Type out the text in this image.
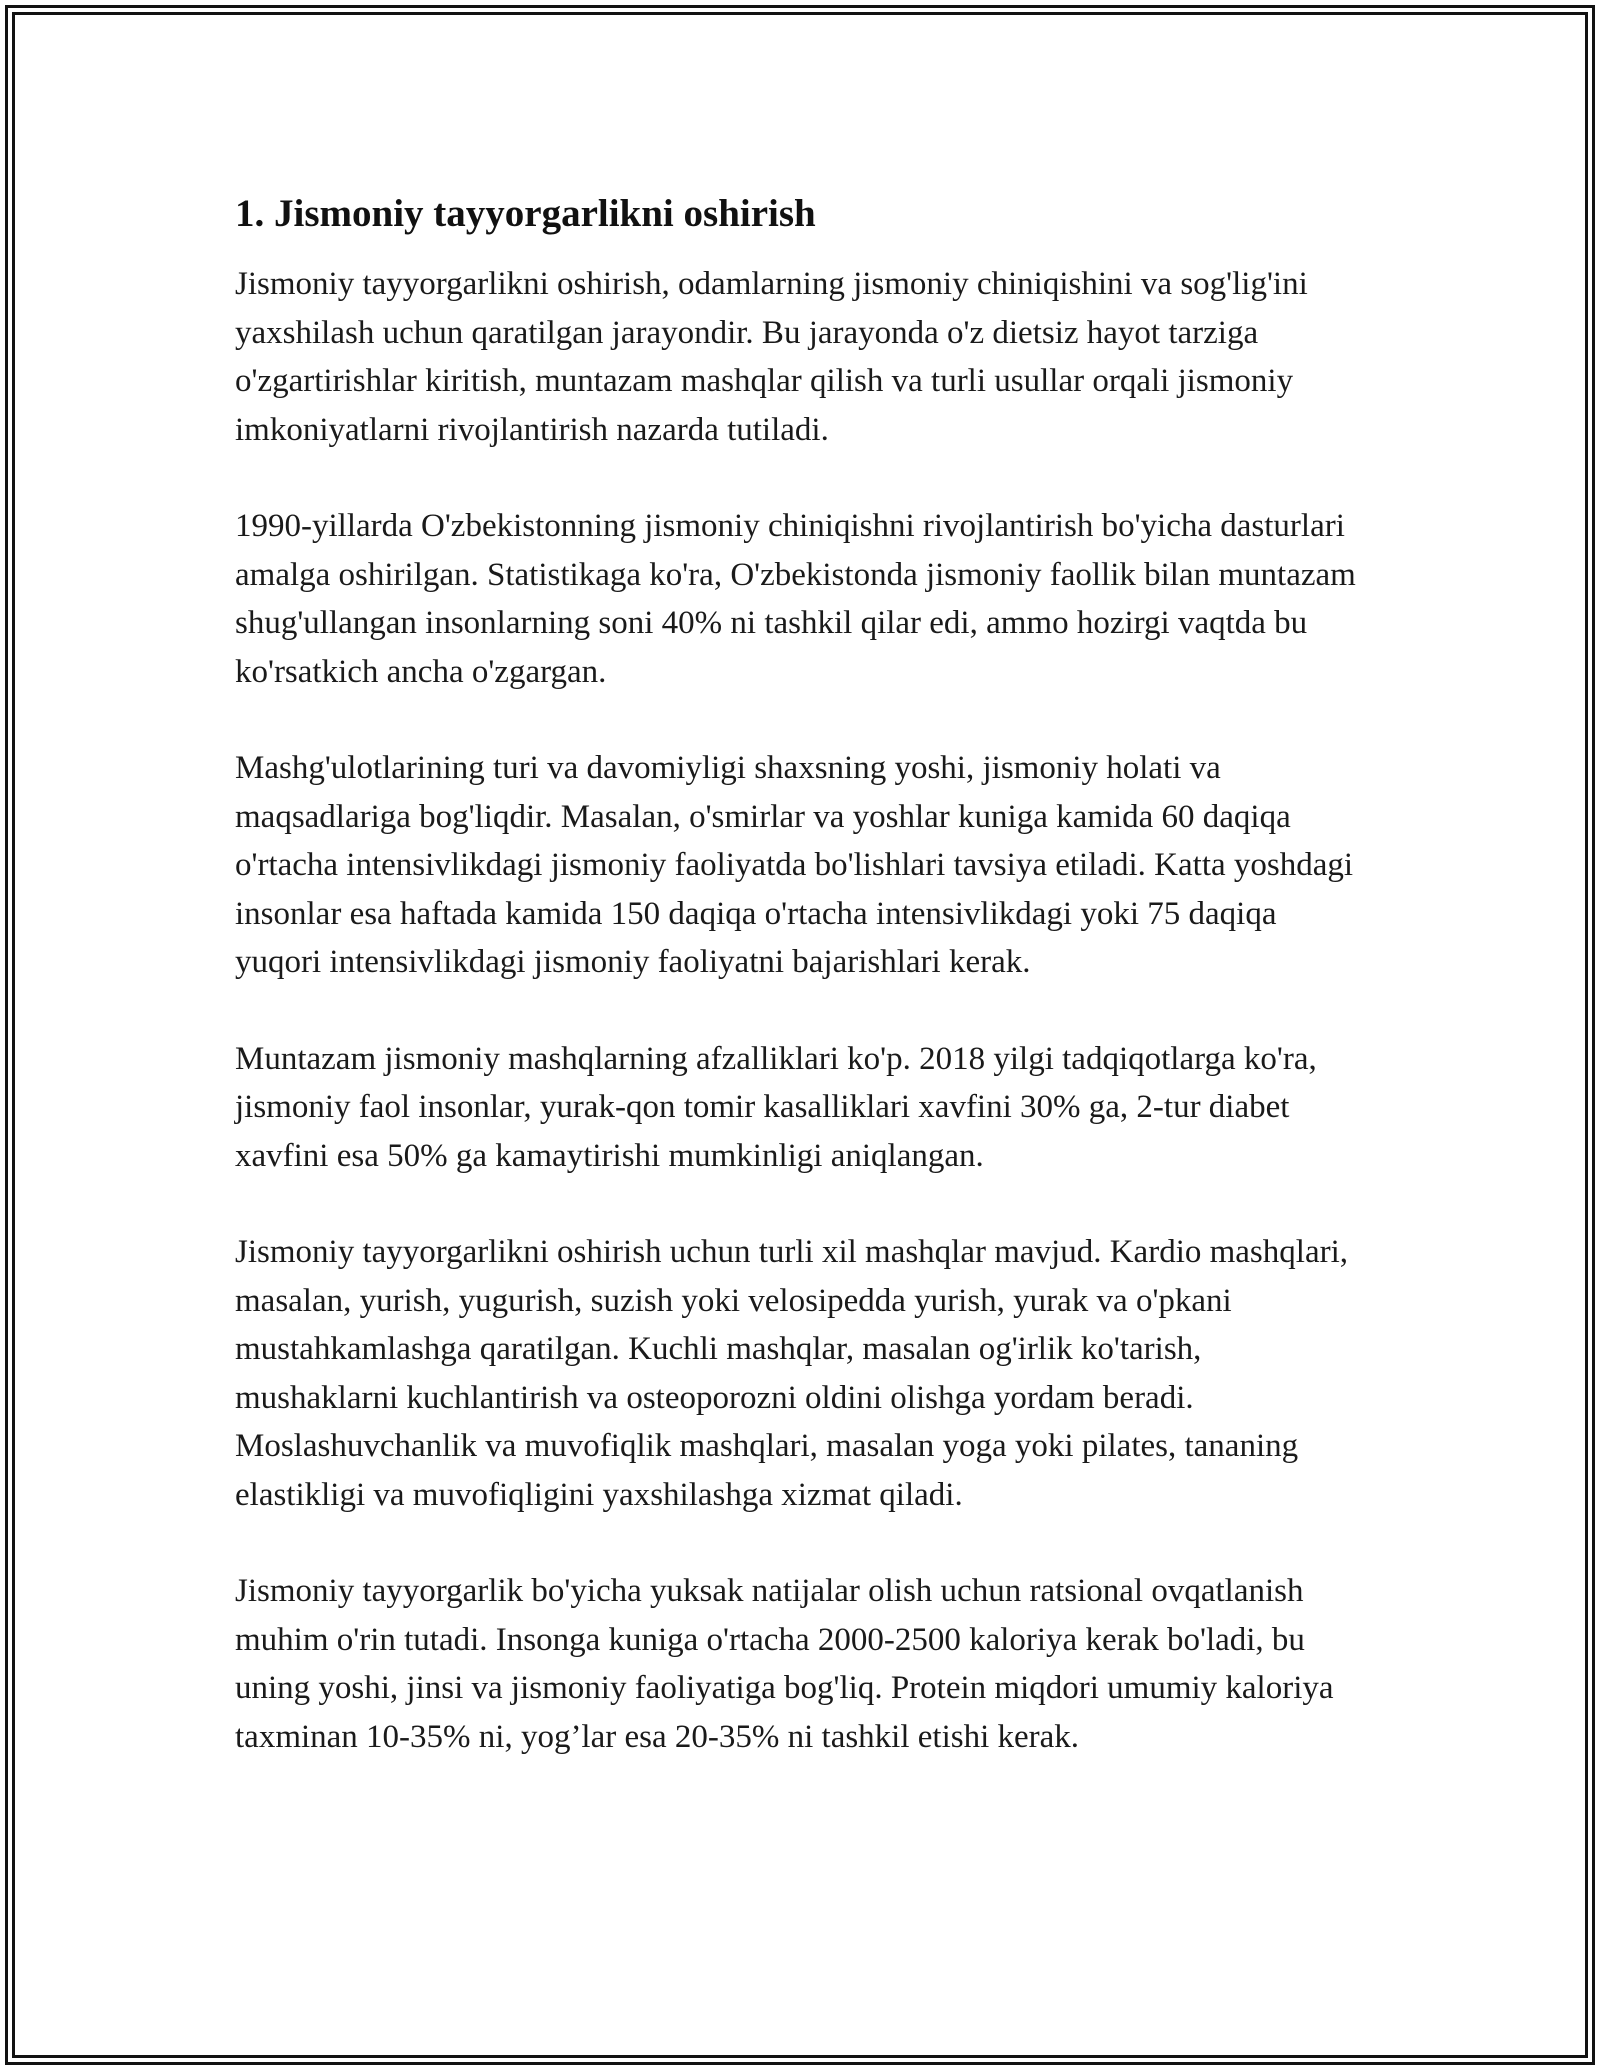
1. Jismoniy tayyorgarlikni oshirish

Jismoniy tayyorgarlikni oshirish, odamlarning jismoniy chiniqishini va sog'lig'ini yaxshilash uchun qaratilgan jarayondir. Bu jarayonda o'z dietsiz hayot tarziga o'zgartirishlar kiritish, muntazam mashqlar qilish va turli usullar orqali jismoniy imkoniyatlarni rivojlantirish nazarda tutiladi.

1990-yillarda O'zbekistonning jismoniy chiniqishni rivojlantirish bo'yicha dasturlari amalga oshirilgan. Statistikaga ko'ra, O'zbekistonda jismoniy faollik bilan muntazam shug'ullangan insonlarning soni 40% ni tashkil qilar edi, ammo hozirgi vaqtda bu ko'rsatkich ancha o'zgargan.

Mashg'ulotlarining turi va davomiyligi shaxsning yoshi, jismoniy holati va maqsadlariga bog'liqdir. Masalan, o'smirlar va yoshlar kuniga kamida 60 daqiqa o'rtacha intensivlikdagi jismoniy faoliyatda bo'lishlari tavsiya etiladi. Katta yoshdagi insonlar esa haftada kamida 150 daqiqa o'rtacha intensivlikdagi yoki 75 daqiqa yuqori intensivlikdagi jismoniy faoliyatni bajarishlari kerak.

Muntazam jismoniy mashqlarning afzalliklari ko'p. 2018 yilgi tadqiqotlarga ko'ra, jismoniy faol insonlar, yurak-qon tomir kasalliklari xavfini 30% ga, 2-tur diabet xavfini esa 50% ga kamaytirishi mumkinligi aniqlangan.

Jismoniy tayyorgarlikni oshirish uchun turli xil mashqlar mavjud. Kardio mashqlari, masalan, yurish, yugurish, suzish yoki velosipedda yurish, yurak va o'pkani mustahkamlashga qaratilgan. Kuchli mashqlar, masalan og'irlik ko'tarish, mushaklarni kuchlantirish va osteoporozni oldini olishga yordam beradi. Moslashuvchanlik va muvofiqlik mashqlari, masalan yoga yoki pilates, tananing elastikligi va muvofiqligini yaxshilashga xizmat qiladi.

Jismoniy tayyorgarlik bo'yicha yuksak natijalar olish uchun ratsional ovqatlanish muhim o'rin tutadi. Insonga kuniga o'rtacha 2000-2500 kaloriya kerak bo'ladi, bu uning yoshi, jinsi va jismoniy faoliyatiga bog'liq. Protein miqdori umumiy kaloriya taxminan 10-35% ni, yog’lar esa 20-35% ni tashkil etishi kerak.
